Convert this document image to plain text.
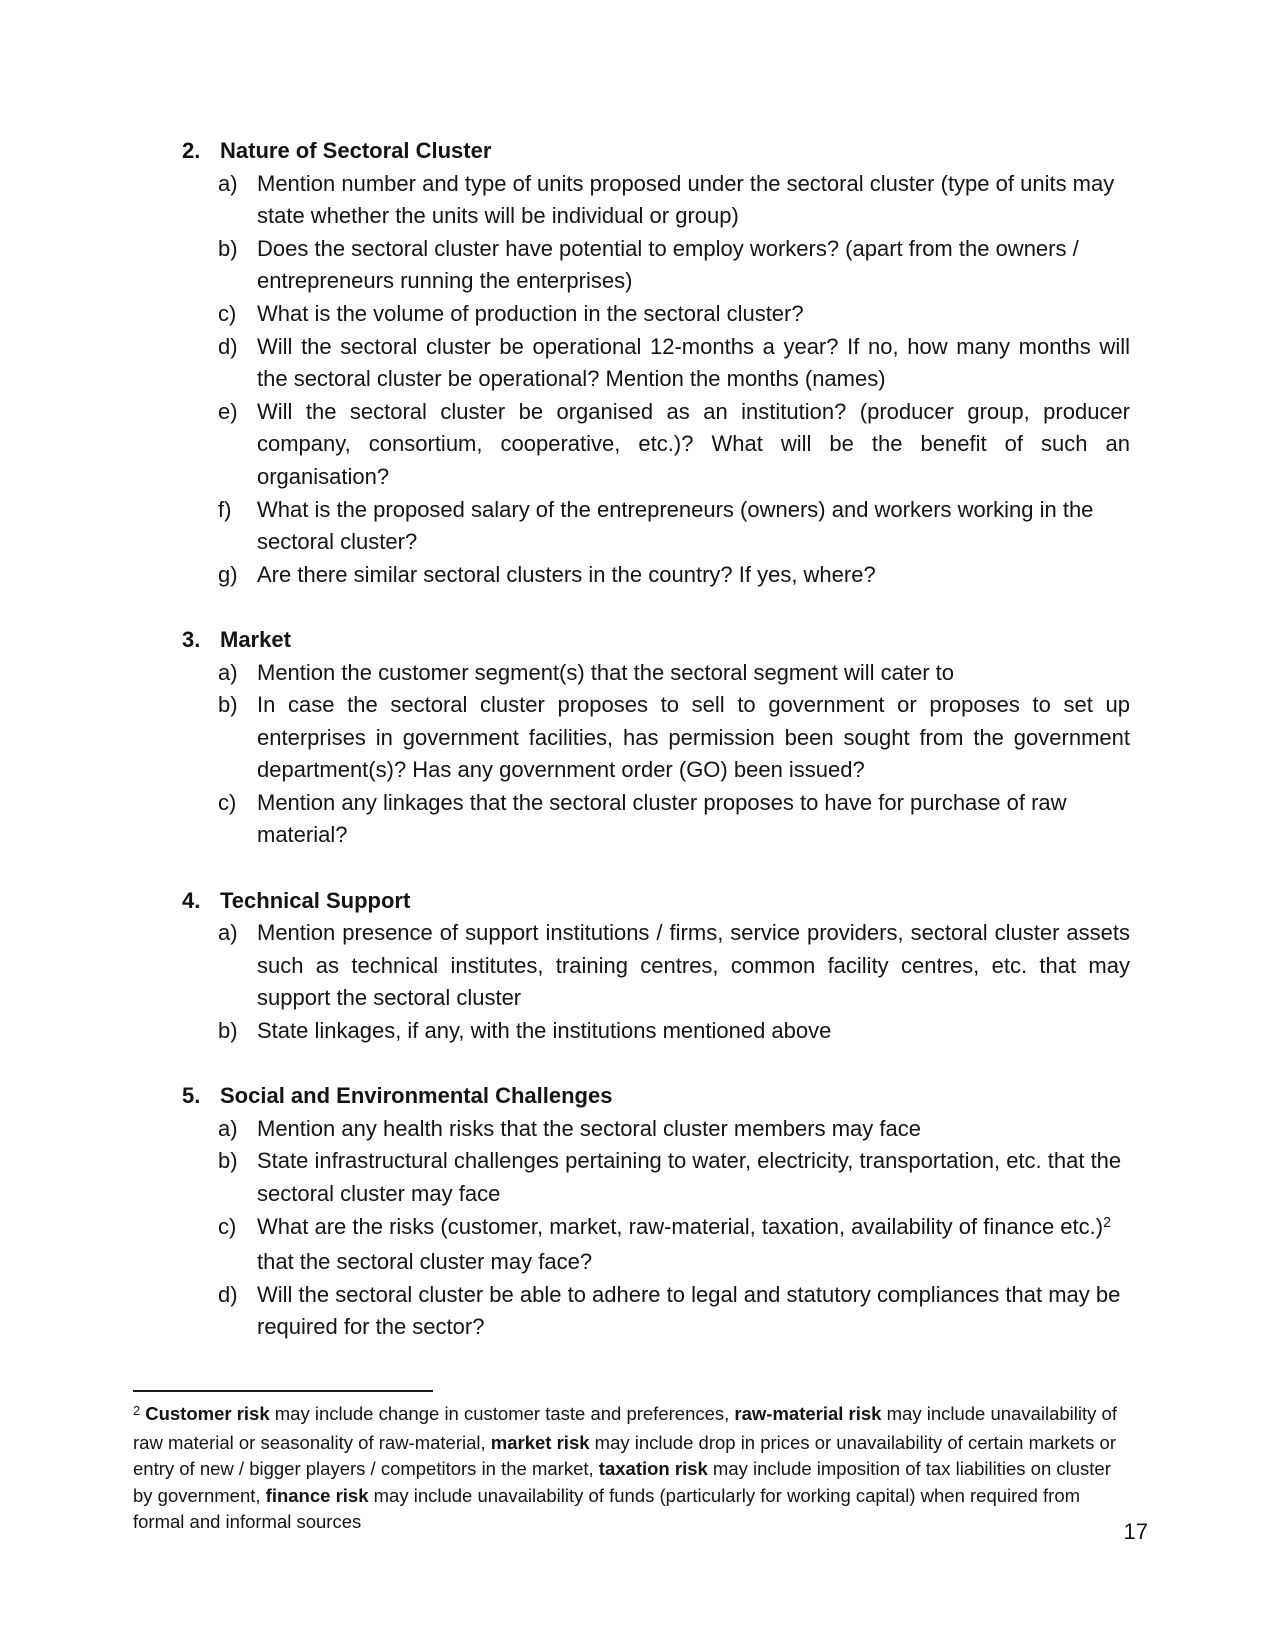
2. Nature of Sectoral Cluster
a) Mention number and type of units proposed under the sectoral cluster (type of units may state whether the units will be individual or group)

b) Does the sectoral cluster have potential to employ workers? (apart from the owners / entrepreneurs running the enterprises)

c) What is the volume of production in the sectoral cluster?

d) Will the sectoral cluster be operational 12-months a year? If no, how many months will the sectoral cluster be operational? Mention the months (names)

e) Will the sectoral cluster be organised as an institution? (producer group, producer company, consortium, cooperative, etc.)? What will be the benefit of such an organisation?

f)	What is the proposed salary of the entrepreneurs (owners) and workers working in the sectoral cluster?

g) Are there similar sectoral clusters in the country? If yes, where?

3. Market
a) Mention the customer segment(s) that the sectoral segment will cater to

b) In case the sectoral cluster proposes to sell to government or proposes to set up enterprises in government facilities, has permission been sought from the government department(s)? Has any government order (GO) been issued?

c) Mention any linkages that the sectoral cluster proposes to have for purchase of raw material?

4. Technical Support
a) Mention presence of support institutions / firms, service providers, sectoral cluster assets such as technical institutes, training centres, common facility centres, etc. that may support the sectoral cluster

b) State linkages, if any, with the institutions mentioned above

5. Social and Environmental Challenges
a) Mention any health risks that the sectoral cluster members may face

b) State infrastructural challenges pertaining to water, electricity, transportation, etc. that the sectoral cluster may face

c) What are the risks (customer, market, raw-material, taxation, availability of finance etc.)$^2$ that the sectoral cluster may face?

d) Will the sectoral cluster be able to adhere to legal and statutory compliances that may be required for the sector?

$^2$ Customer risk may include change in customer taste and preferences, raw-material risk may include unavailability of raw material or seasonality of raw-material, market risk may include drop in prices or unavailability of certain markets or entry of new / bigger players / competitors in the market, taxation risk may include imposition of tax liabilities on cluster by government, finance risk may include unavailability of funds (particularly for working capital) when required from formal and informal sources	17
